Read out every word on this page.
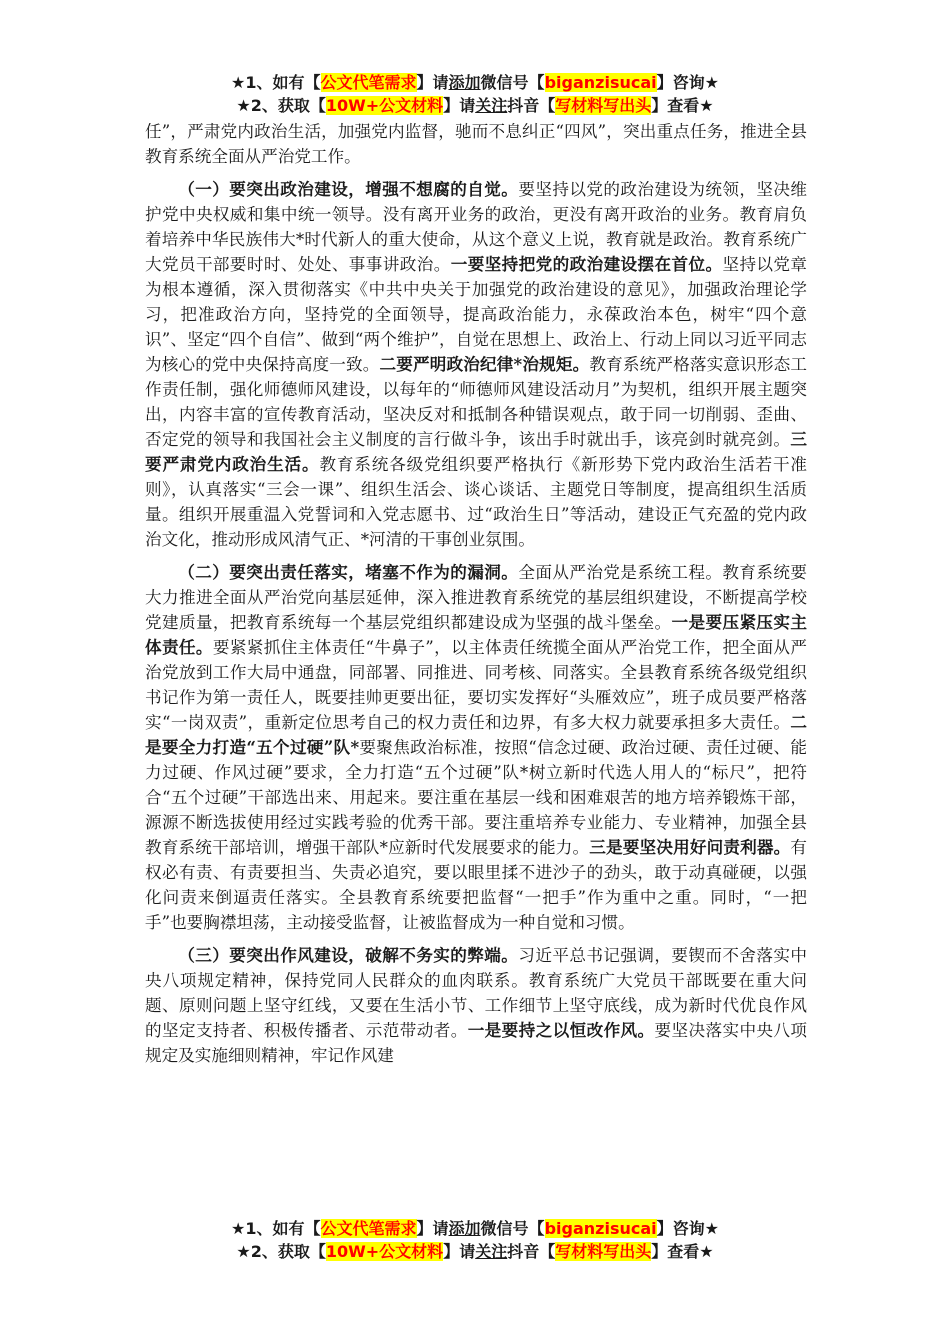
★1、如有【公文代笔需求】请添加微信号【biganzisucai】咨询★
★2、获取【10W+公文材料】请关注抖音【写材料写出头】查看★

任”，严肃党内政治生活，加强党内监督，驰而不息纠正“四风”，突出重点任务，推进全县教育系统全面从严治党工作。

（一）要突出政治建设，增强不想腐的自觉。要坚持以党的政治建设为统领，坚决维护党中央权威和集中统一领导。没有离开业务的政治，更没有离开政治的业务。教育肩负着培养中华民族伟大*时代新人的重大使命，从这个意义上说，教育就是政治。教育系统广大党员干部要时时、处处、事事讲政治。一要坚持把党的政治建设摆在首位。坚持以党章为根本遵循，深入贯彻落实《中共中央关于加强党的政治建设的意见》，加强政治理论学习，把准政治方向，坚持党的全面领导，提高政治能力，永葆政治本色，树牢“四个意识”、坚定“四个自信”、做到“两个维护”，自觉在思想上、政治上、行动上同以习近平同志为核心的党中央保持高度一致。二要严明政治纪律*治规矩。教育系统严格落实意识形态工作责任制，强化师德师风建设，以每年的“师德师风建设活动月”为契机，组织开展主题突出，内容丰富的宣传教育活动，坚决反对和抵制各种错误观点，敢于同一切削弱、歪曲、否定党的领导和我国社会主义制度的言行做斗争，该出手时就出手，该亮剑时就亮剑。三要严肃党内政治生活。教育系统各级党组织要严格执行《新形势下党内政治生活若干准则》，认真落实“三会一课”、组织生活会、谈心谈话、主题党日等制度，提高组织生活质量。组织开展重温入党誓词和入党志愿书、过“政治生日”等活动，建设正气充盈的党内政治文化，推动形成风清气正、*河清的干事创业氛围。

（二）要突出责任落实，堵塞不作为的漏洞。全面从严治党是系统工程。教育系统要大力推进全面从严治党向基层延伸，深入推进教育系统党的基层组织建设，不断提高学校党建质量，把教育系统每一个基层党组织都建设成为坚强的战斗堡垒。一是要压紧压实主体责任。要紧紧抓住主体责任“牛鼻子”，以主体责任统揽全面从严治党工作，把全面从严治党放到工作大局中通盘，同部署、同推进、同考核、同落实。全县教育系统各级党组织书记作为第一责任人，既要挂帅更要出征，要切实发挥好“头雁效应”，班子成员要严格落实“一岗双责”，重新定位思考自己的权力责任和边界，有多大权力就要承担多大责任。二是要全力打造“五个过硬”队*要聚焦政治标准，按照“信念过硬、政治过硬、责任过硬、能力过硬、作风过硬”要求，全力打造“五个过硬”队*树立新时代选人用人的“标尺”，把符合“五个过硬”干部选出来、用起来。要注重在基层一线和困难艰苦的地方培养锻炼干部，源源不断选拔使用经过实践考验的优秀干部。要注重培养专业能力、专业精神，加强全县教育系统干部培训，增强干部队*应新时代发展要求的能力。三是要坚决用好问责利器。有权必有责、有责要担当、失责必追究，要以眼里揉不进沙子的劲头，敢于动真碰硬，以强化问责来倒逼责任落实。全县教育系统要把监督“一把手”作为重中之重。同时，“一把手”也要胸襟坦荡，主动接受监督，让被监督成为一种自觉和习惯。

（三）要突出作风建设，破解不务实的弊端。习近平总书记强调，要锲而不舍落实中央八项规定精神，保持党同人民群众的血肉联系。教育系统广大党员干部既要在重大问题、原则问题上坚守红线，又要在生活小节、工作细节上坚守底线，成为新时代优良作风的坚定支持者、积极传播者、示范带动者。一是要持之以恒改作风。要坚决落实中央八项规定及实施细则精神，牢记作风建

★1、如有【公文代笔需求】请添加微信号【biganzisucai】咨询★
★2、获取【10W+公文材料】请关注抖音【写材料写出头】查看★
